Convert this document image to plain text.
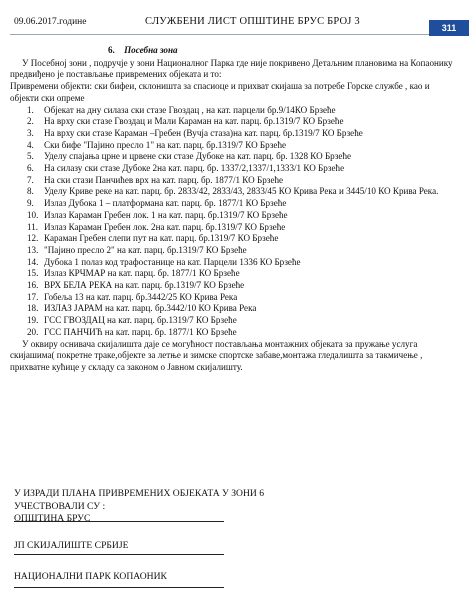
09.06.2017.године	СЛУЖБЕНИ ЛИСТ ОПШТИНЕ БРУС БРОЈ 3
311
6. Посебна зона

У Посебној зони , подручје у зони Националног Парка где није покривено Детаљним плановима на Копаонику предвиђено је постављање привремених објеката и то:

Привремени објекти: ски бифеи, склоништа за спасиоце и прихват скијаша за потребе Горске службе , као и објекти ски опреме

1.	Објекат на дну силаза ски стазе Гвоздац , на кат. парцели бр.9/14КО Брзеће
2.	На врху ски стазе Гвоздац и Мали Караман на кат. парц. бр.1319/7 КО Брзеће
3.	На врху ски стазе Караман –Гребен (Вучја стаза)на кат. парц. бр.1319/7 КО Брзеће
4.	Ски бифе "Пајино пресло 1" на кат. парц. бр.1319/7 КО Брзеће
5.	Уделу спајања црне и црвене ски стазе Дубоке на кат. парц. бр. 1328 КО Брзеће
6.	На силазу ски стазе Дубоке 2на кат. парц. бр. 1337/2,1337/1,1333/1 КО Брзеће
7.	На ски стази Панчићев врх на кат. парц. бр. 1877/1 КО Брзеће
8.	Уделу Криве реке на кат. парц. бр. 2833/42, 2833/43, 2833/45 КО Крива Река и 3445/10 КО Крива Река.
9.	Излаз Дубока 1 – платформана кат. парц. бр. 1877/1 КО Брзеће
10. Излаз Караман Гребен лок. 1 на кат. парц. бр.1319/7 КО Брзеће
11. Излаз Караман Гребен лок. 2на кат. парц. бр.1319/7 КО Брзеће
12. Караман Гребен слепи пут на кат. парц. бр.1319/7 КО Брзеће
13. "Пајино пресло 2" на кат. парц. бр.1319/7 КО Брзеће
14. Дубока 1 полаз код трафостанице на кат. Парцели 1336 КО Брзеће
15. Излаз КРЧМАР на кат. парц. бр. 1877/1 КО Брзеће
16. ВРХ БЕЛА РЕКА на кат. парц. бр.1319/7 КО Брзеће
17. Гобеља 13 на кат. парц. бр.3442/25 КО Крива Река
18. ИЗЛАЗ ЈАРАМ на кат. парц. бр.3442/10 КО Крива Река
19. ГСС ГВОЗДАЦ на кат. парц. бр.1319/7 КО Брзеће
20. ГСС ПАНЧИЋ на кат. парц. бр. 1877/1 КО Брзеће

У оквиру оснивача скијалишта даје се могућност постављања монтажних објеката за пружање услуга скијашима( покретне траке,објекте за летње и зимске спортске забаве,монтажа гледалишта за такмичење , прихватне кућице у складу са законом о Јавном скијалишту.

У ИЗРАДИ ПЛАНА ПРИВРЕМЕНИХ ОБЈЕКАТА У ЗОНИ 6 УЧЕСТВОВАЛИ СУ :
ОПШТИНА БРУС
ЈП СКИЈАЛИШТЕ СРБИЈЕ
НАЦИОНАЛНИ ПАРК КОПАОНИК
